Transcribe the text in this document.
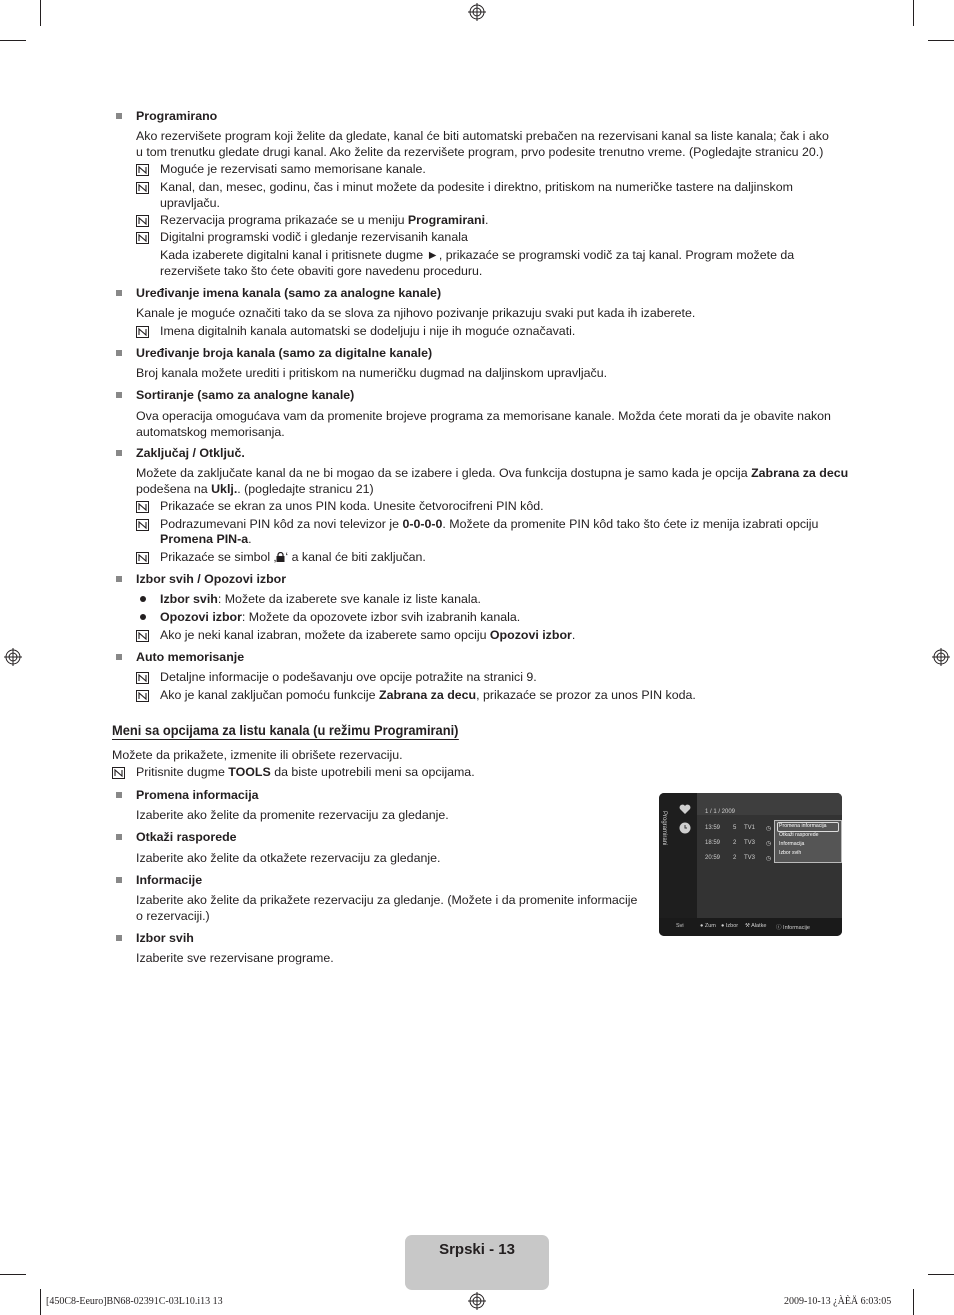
Programirano
Ako rezervišete program koji želite da gledate, kanal će biti automatski prebačen na rezervisani kanal sa liste kanala; čak i ako u tom trenutku gledate drugi kanal. Ako želite da rezervišete program, prvo podesite trenutno vreme. (Pogledajte stranicu 20.)
Moguće je rezervisati samo memorisane kanale.
Kanal, dan, mesec, godinu, čas i minut možete da podesite i direktno, pritiskom na numeričke tastere na daljinskom upravljaču.
Rezervacija programa prikazaće se u meniju Programirani.
Digitalni programski vodič i gledanje rezervisanih kanala
Kada izaberete digitalni kanal i pritisnete dugme ►, prikazaće se programski vodič za taj kanal. Program možete da rezervišete tako što ćete obaviti gore navedenu proceduru.
Uređivanje imena kanala (samo za analogne kanale)
Kanale je moguće označiti tako da se slova za njihovo pozivanje prikazuju svaki put kada ih izaberete.
Imena digitalnih kanala automatski se dodeljuju i nije ih moguće označavati.
Uređivanje broja kanala (samo za digitalne kanale)
Broj kanala možete urediti i pritiskom na numeričku dugmad na daljinskom upravljaču.
Sortiranje (samo za analogne kanale)
Ova operacija omogućava vam da promenite brojeve programa za memorisane kanale. Možda ćete morati da je obavite nakon automatskog memorisanja.
Zaključaj / Otključ.
Možete da zaključate kanal da ne bi mogao da se izabere i gleda. Ova funkcija dostupna je samo kada je opcija Zabrana za decu
podešena na Uklj.. (pogledajte stranicu 21)
Prikazaće se ekran za unos PIN koda. Unesite četvorocifreni PIN kôd.
Podrazumevani PIN kôd za novi televizor je 0-0-0-0. Možete da promenite PIN kôd tako što ćete iz menija izabrati opciju
Promena PIN-a.
Prikazaće se simbol ‚ ‘ a kanal će biti zaključan.
Izbor svih / Opozovi izbor
Izbor svih: Možete da izaberete sve kanale iz liste kanala.
Opozovi izbor: Možete da opozovete izbor svih izabranih kanala.
Ako je neki kanal izabran, možete da izaberete samo opciju Opozovi izbor.
Auto memorisanje
Detaljne informacije o podešavanju ove opcije potražite na stranici 9.
Ako je kanal zaključan pomoću funkcije Zabrana za decu, prikazaće se prozor za unos PIN koda.
Meni sa opcijama za listu kanala (u režimu Programirani)
Možete da prikažete, izmenite ili obrišete rezervaciju.
Pritisnite dugme TOOLS da biste upotrebili meni sa opcijama.
Promena informacija
Izaberite ako želite da promenite rezervaciju za gledanje.
Otkaži rasporede
Izaberite ako želite da otkažete rezervaciju za gledanje.
Informacije
Izaberite ako želite da prikažete rezervaciju za gledanje. (Možete i da promenite informacije o rezervaciji.)
Izbor svih
Izaberite sve rezervisane programe.
Programirani	1 / 1 / 2009
13:59 5 TV1 ◷
18:59 2 TV3 ◷
20:59 2 TV3 ◷
Promena informacija
Otkaži rasporede
Informacija
Izbor svih
Svi	● Zum ● Izbor ⚒ Alatke ⓘ Informacije
Srpski - 13
[450C8-Eeuro]BN68-02391C-03L10.i13 13	2009-10-13 ¿ÀÈÄ 6:03:05
